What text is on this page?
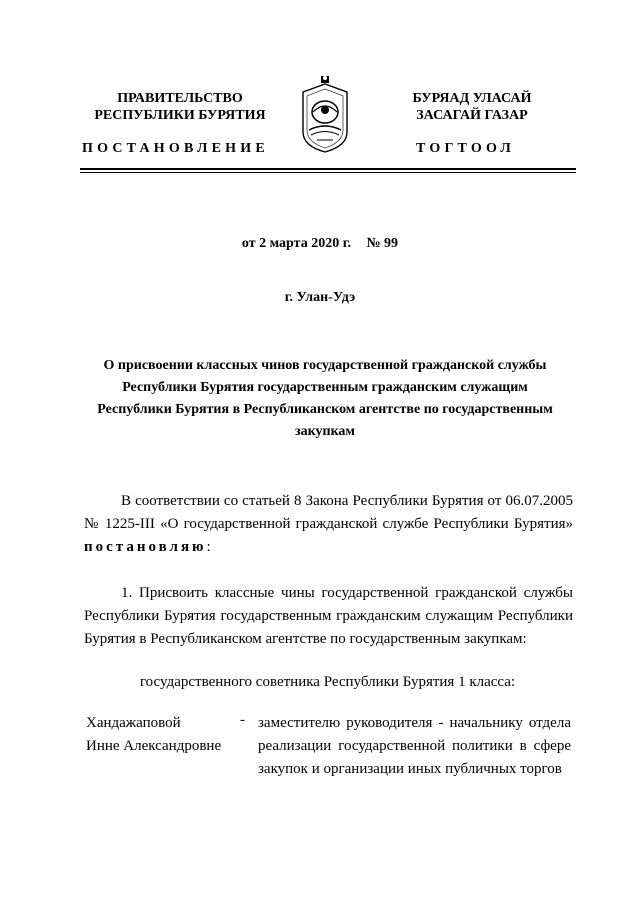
ПРАВИТЕЛЬСТВО
РЕСПУБЛИКИ БУРЯТИЯ
БУРЯАД УЛАСАЙ
ЗАСАГАЙ ГАЗАР
ПОСТАНОВЛЕНИЕ	ТОГТООЛ
от 2 марта 2020 г. № 99
г. Улан-Удэ
О присвоении классных чинов государственной гражданской службы Республики Бурятия государственным гражданским служащим Республики Бурятия в Республиканском агентстве по государственным закупкам
В соответствии со статьей 8 Закона Республики Бурятия от 06.07.2005 № 1225-III «О государственной гражданской службе Республики Бурятия» постановляю:
1. Присвоить классные чины государственной гражданской службы Республики Бурятия государственным гражданским служащим Республики Бурятия в Республиканском агентстве по государственным закупкам:
государственного советника Республики Бурятия 1 класса:
Хандажаповой
Инне Александровне
- заместителю руководителя - начальнику отдела реализации государственной политики в сфере закупок и организации иных публичных торгов
